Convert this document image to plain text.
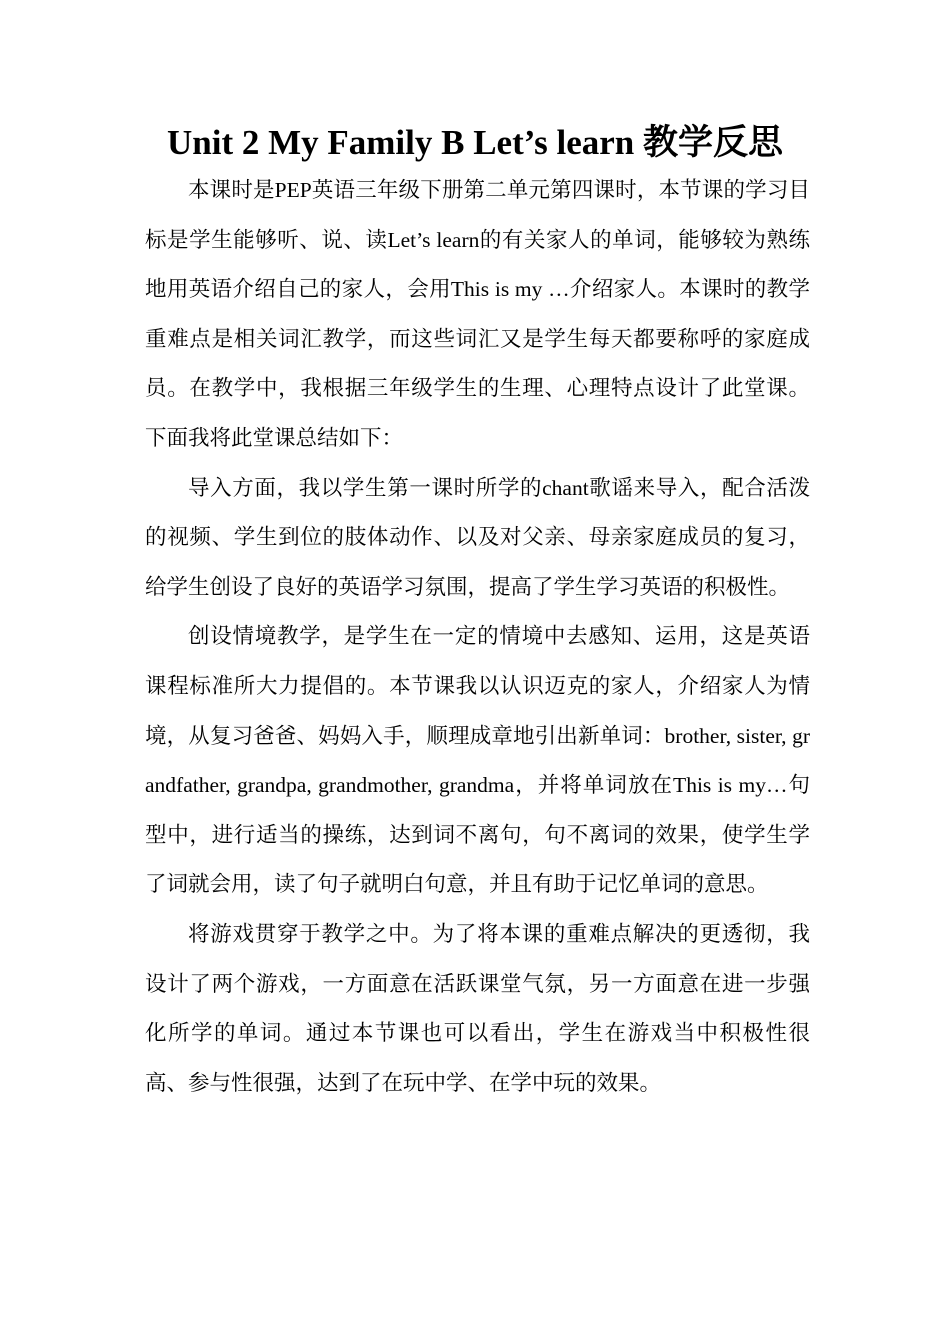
Unit 2 My Family B Let’s learn 教学反思

本课时是PEP英语三年级下册第二单元第四课时，本节课的学习目标是学生能够听、说、读Let’s learn的有关家人的单词，能够较为熟练地用英语介绍自己的家人，会用This is my …介绍家人。本课时的教学重难点是相关词汇教学，而这些词汇又是学生每天都要称呼的家庭成员。在教学中，我根据三年级学生的生理、心理特点设计了此堂课。下面我将此堂课总结如下：

导入方面，我以学生第一课时所学的chant歌谣来导入，配合活泼的视频、学生到位的肢体动作、以及对父亲、母亲家庭成员的复习，给学生创设了良好的英语学习氛围，提高了学生学习英语的积极性。

创设情境教学，是学生在一定的情境中去感知、运用，这是英语课程标准所大力提倡的。本节课我以认识迈克的家人，介绍家人为情境，从复习爸爸、妈妈入手，顺理成章地引出新单词：brother, sister, grandfather, grandpa, grandmother, grandma，并将单词放在This is my…句型中，进行适当的操练，达到词不离句，句不离词的效果，使学生学了词就会用，读了句子就明白句意，并且有助于记忆单词的意思。

将游戏贯穿于教学之中。为了将本课的重难点解决的更透彻，我设计了两个游戏，一方面意在活跃课堂气氛，另一方面意在进一步强化所学的单词。通过本节课也可以看出，学生在游戏当中积极性很高、参与性很强，达到了在玩中学、在学中玩的效果。
